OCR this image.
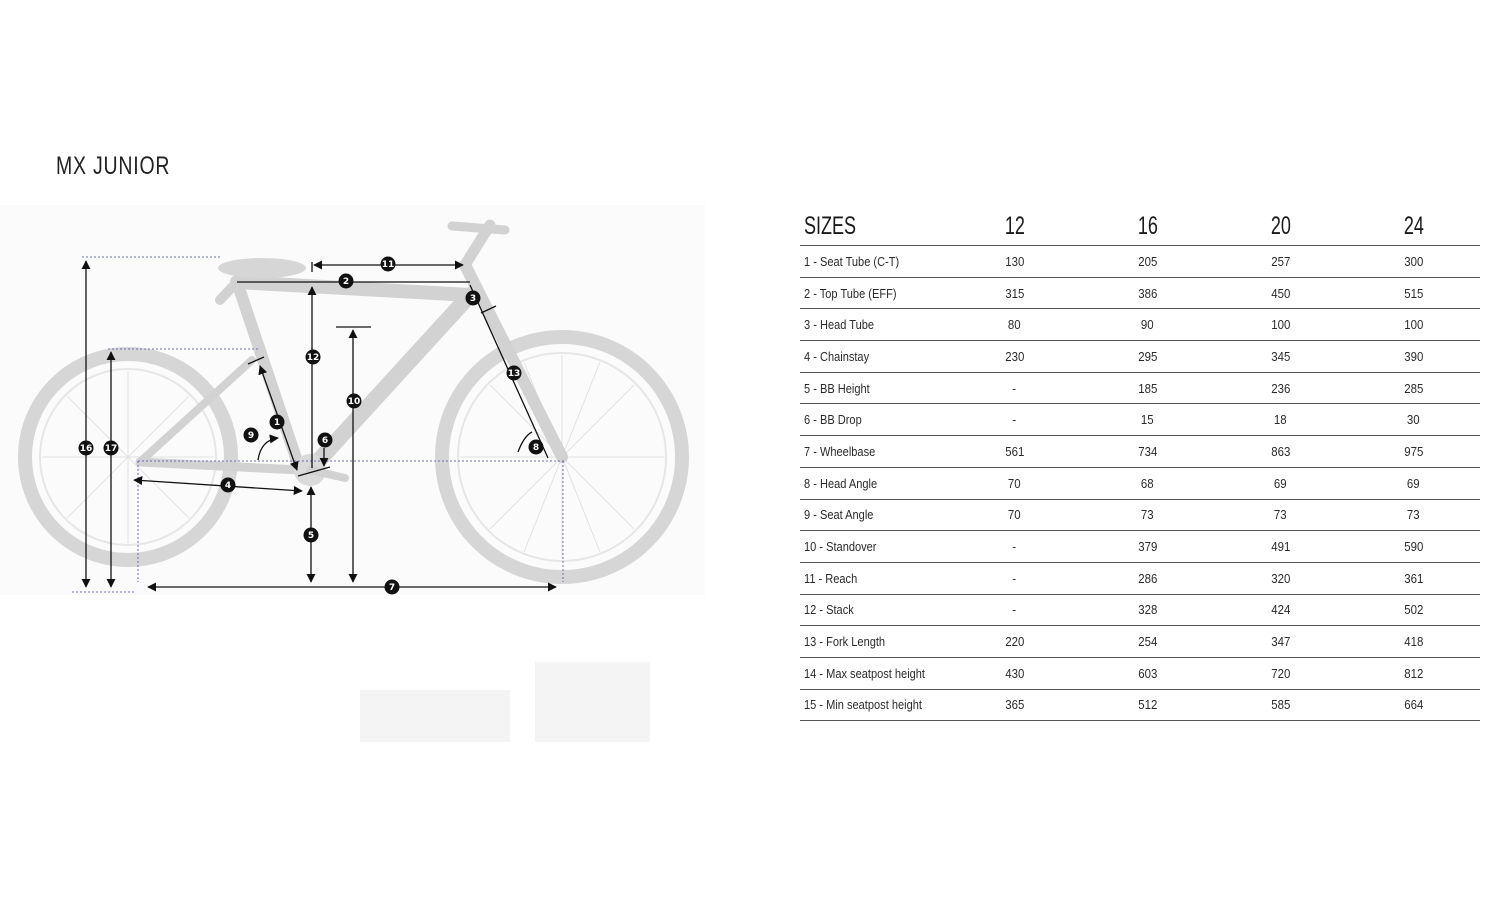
MX JUNIOR
1
2
3
4
5
6
7
8
9
10
11
12
13
16 17
SIZES	12	16	20	24
1 - Seat Tube (C-T)	130	205	257	300
2 - Top Tube (EFF)	315	386	450	515
3 - Head Tube	80	90	100	100
4 - Chainstay	230	295	345	390
5 - BB Height	-	185	236	285
6 - BB Drop	-	15	18	30
7 - Wheelbase	561	734	863	975
8 - Head Angle	70	68	69	69
9 - Seat Angle	70	73	73	73
10 - Standover	-	379	491	590
11 - Reach	-	286	320	361
12 - Stack	-	328	424	502
13 - Fork Length	220	254	347	418
14 - Max seatpost height	430	603	720	812
15 - Min seatpost height	365	512	585	664
